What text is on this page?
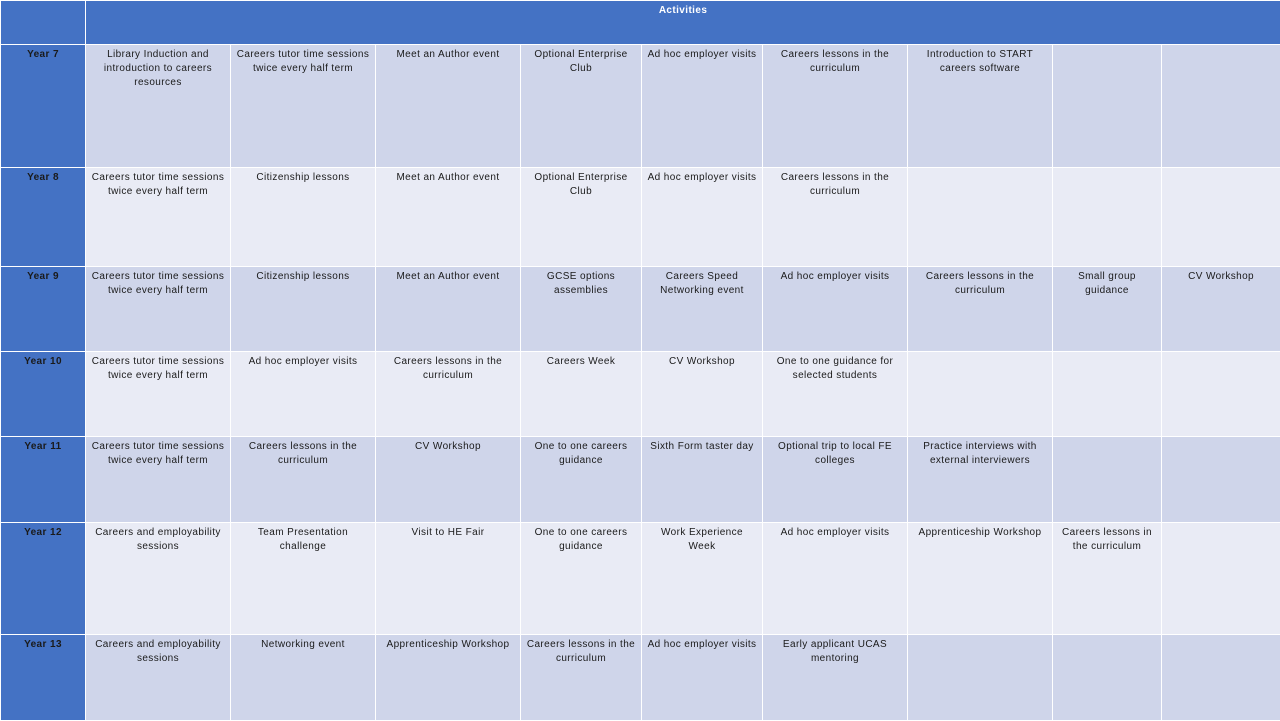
	Activities								
Year 7	Library Induction and introduction to careers resources	Careers tutor time sessions twice every half term	Meet an Author event	Optional Enterprise Club	Ad hoc employer visits	Careers lessons in the curriculum	Introduction to START careers software		
Year 8	Careers tutor time sessions twice every half term	Citizenship lessons	Meet an Author event	Optional Enterprise Club	Ad hoc employer visits	Careers lessons in the curriculum			
Year 9	Careers tutor time sessions twice every half term	Citizenship lessons	Meet an Author event	GCSE options assemblies	Careers Speed Networking event	Ad hoc employer visits	Careers lessons in the curriculum	Small group guidance	CV Workshop
Year 10	Careers tutor time sessions twice every half term	Ad hoc employer visits	Careers lessons in the curriculum	Careers Week	CV Workshop	One to one guidance for selected students			
Year 11	Careers tutor time sessions twice every half term	Careers lessons in the curriculum	CV Workshop	One to one careers guidance	Sixth Form taster day	Optional trip to local FE colleges	Practice interviews with external interviewers		
Year 12	Careers and employability sessions	Team Presentation challenge	Visit to HE Fair	One to one careers guidance	Work Experience Week	Ad hoc employer visits	Apprenticeship Workshop	Careers lessons in the curriculum	
Year 13	Careers and employability sessions	Networking event	Apprenticeship Workshop	Careers lessons in the curriculum	Ad hoc employer visits	Early applicant UCAS mentoring			
